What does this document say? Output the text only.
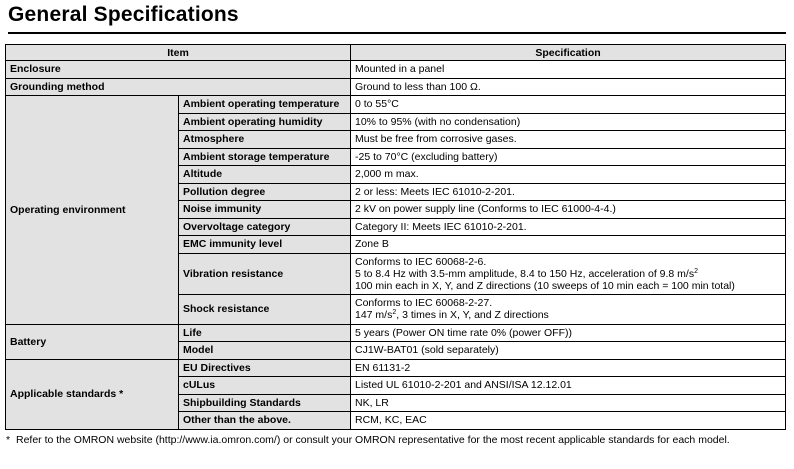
General Specifications
Item		Specification
Enclosure		Mounted in a panel
Grounding method		Ground to less than 100 Ω.
Operating environment	Ambient operating temperature	0 to 55°C
	Ambient operating humidity	10% to 95% (with no condensation)
	Atmosphere	Must be free from corrosive gases.
	Ambient storage temperature	-25 to 70°C (excluding battery)
	Altitude	2,000 m max.
	Pollution degree	2 or less: Meets IEC 61010-2-201.
	Noise immunity	2 kV on power supply line (Conforms to IEC 61000-4-4.)
	Overvoltage category	Category II: Meets IEC 61010-2-201.
	EMC immunity level	Zone B
	Vibration resistance	Conforms to IEC 60068-2-6.
5 to 8.4 Hz with 3.5-mm amplitude, 8.4 to 150 Hz, acceleration of 9.8 $m/s^2$
100 min each in X, Y, and Z directions (10 sweeps of 10 min each = 100 min total)

	Shock resistance	Conforms to IEC 60068-2-27.
147 $m/s^2$, 3 times in X, Y, and Z directions

Battery	Life	5 years (Power ON time rate 0% (power OFF))
	Model	CJ1W-BAT01 (sold separately)
Applicable standards *	EU Directives	EN 61131-2
	cULus	Listed UL 61010-2-201 and ANSI/ISA 12.12.01
	Shipbuilding Standards	NK, LR
	Other than the above.	RCM, KC, EAC
* Refer to the OMRON website (http://www.ia.omron.com/) or consult your OMRON representative for the most recent applicable standards for each model.
